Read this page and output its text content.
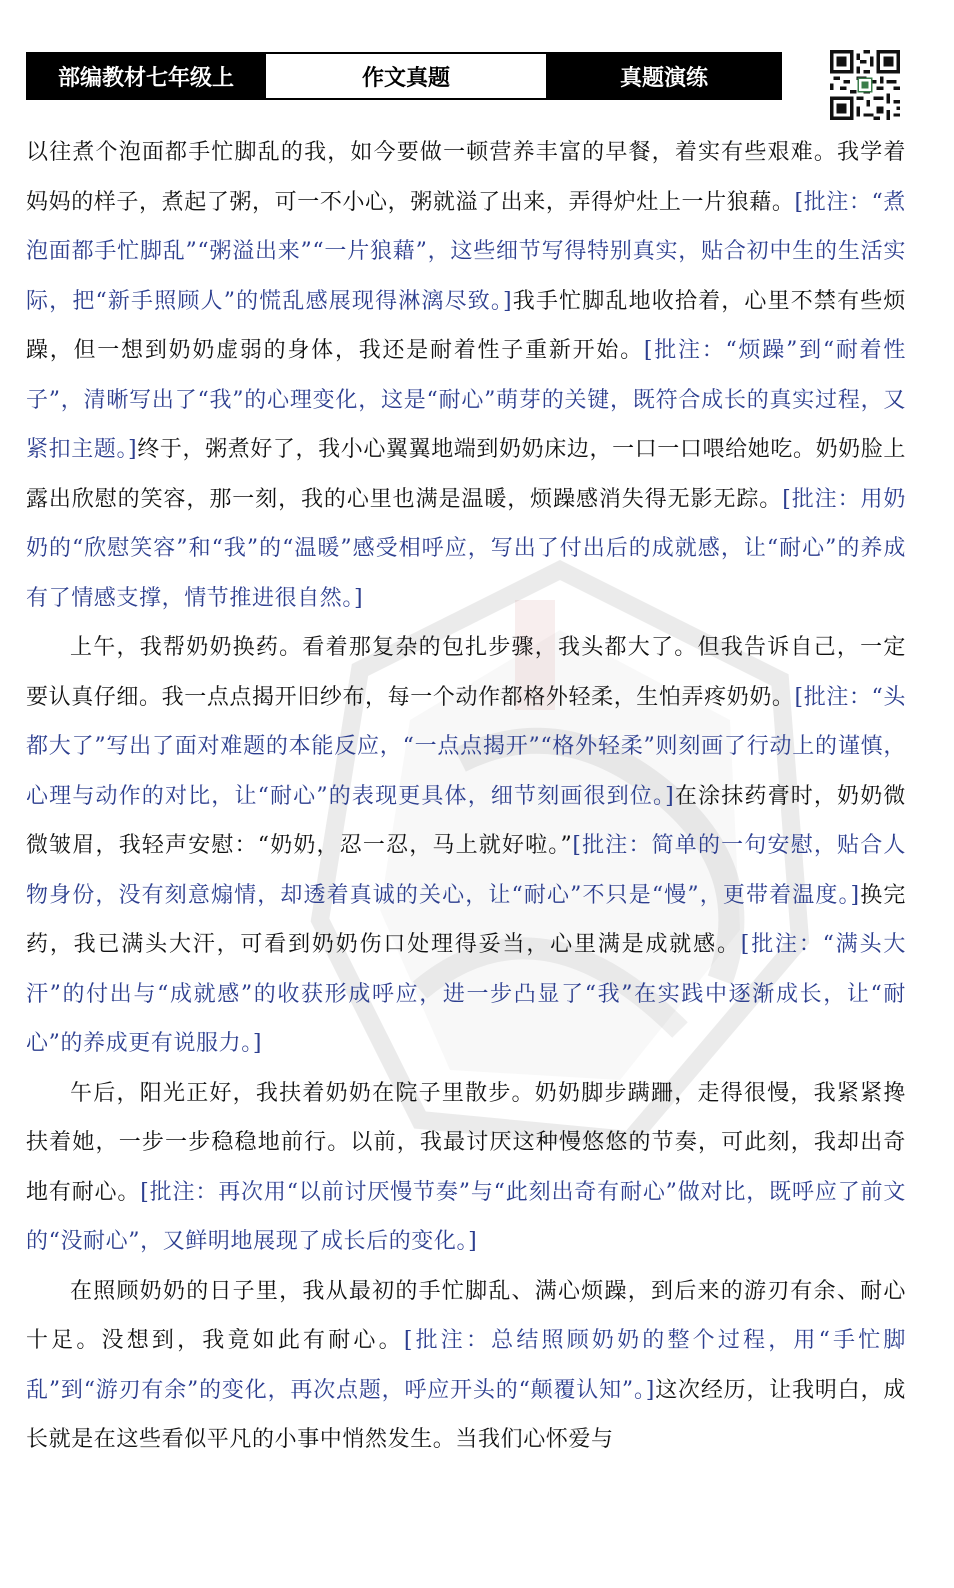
部编教材七年级上	作文真题	真题演练

以往煮个泡面都手忙脚乱的我，如今要做一顿营养丰富的早餐，着实有些艰难。我学着妈妈的样子，煮起了粥，可一不小心，粥就溢了出来，弄得炉灶上一片狼藉。[批注：“煮泡面都手忙脚乱”“粥溢出来”“一片狼藉”，这些细节写得特别真实，贴合初中生的生活实际，把“新手照顾人”的慌乱感展现得淋漓尽致。]我手忙脚乱地收拾着，心里不禁有些烦躁，但一想到奶奶虚弱的身体，我还是耐着性子重新开始。[批注：“烦躁”到“耐着性子”，清晰写出了“我”的心理变化，这是“耐心”萌芽的关键，既符合成长的真实过程，又紧扣主题。]终于，粥煮好了，我小心翼翼地端到奶奶床边，一口一口喂给她吃。奶奶脸上露出欣慰的笑容，那一刻，我的心里也满是温暖，烦躁感消失得无影无踪。[批注：用奶奶的“欣慰笑容”和“我”的“温暖”感受相呼应，写出了付出后的成就感，让“耐心”的养成有了情感支撑，情节推进很自然。]

上午，我帮奶奶换药。看着那复杂的包扎步骤，我头都大了。但我告诉自己，一定要认真仔细。我一点点揭开旧纱布，每一个动作都格外轻柔，生怕弄疼奶奶。[批注：“头都大了”写出了面对难题的本能反应，“一点点揭开”“格外轻柔”则刻画了行动上的谨慎，心理与动作的对比，让“耐心”的表现更具体，细节刻画很到位。]在涂抹药膏时，奶奶微微皱眉，我轻声安慰：“奶奶，忍一忍，马上就好啦。”[批注：简单的一句安慰，贴合人物身份，没有刻意煽情，却透着真诚的关心，让“耐心”不只是“慢”，更带着温度。]换完药，我已满头大汗，可看到奶奶伤口处理得妥当，心里满是成就感。[批注：“满头大汗”的付出与“成就感”的收获形成呼应，进一步凸显了“我”在实践中逐渐成长，让“耐心”的养成更有说服力。]

午后，阳光正好，我扶着奶奶在院子里散步。奶奶脚步蹒跚，走得很慢，我紧紧搀扶着她，一步一步稳稳地前行。以前，我最讨厌这种慢悠悠的节奏，可此刻，我却出奇地有耐心。[批注：再次用“以前讨厌慢节奏”与“此刻出奇有耐心”做对比，既呼应了前文的“没耐心”，又鲜明地展现了成长后的变化。]

在照顾奶奶的日子里，我从最初的手忙脚乱、满心烦躁，到后来的游刃有余、耐心十足。没想到，我竟如此有耐心。[批注：总结照顾奶奶的整个过程，用“手忙脚乱”到“游刃有余”的变化，再次点题，呼应开头的“颠覆认知”。]这次经历，让我明白，成长就是在这些看似平凡的小事中悄然发生。当我们心怀爱与
